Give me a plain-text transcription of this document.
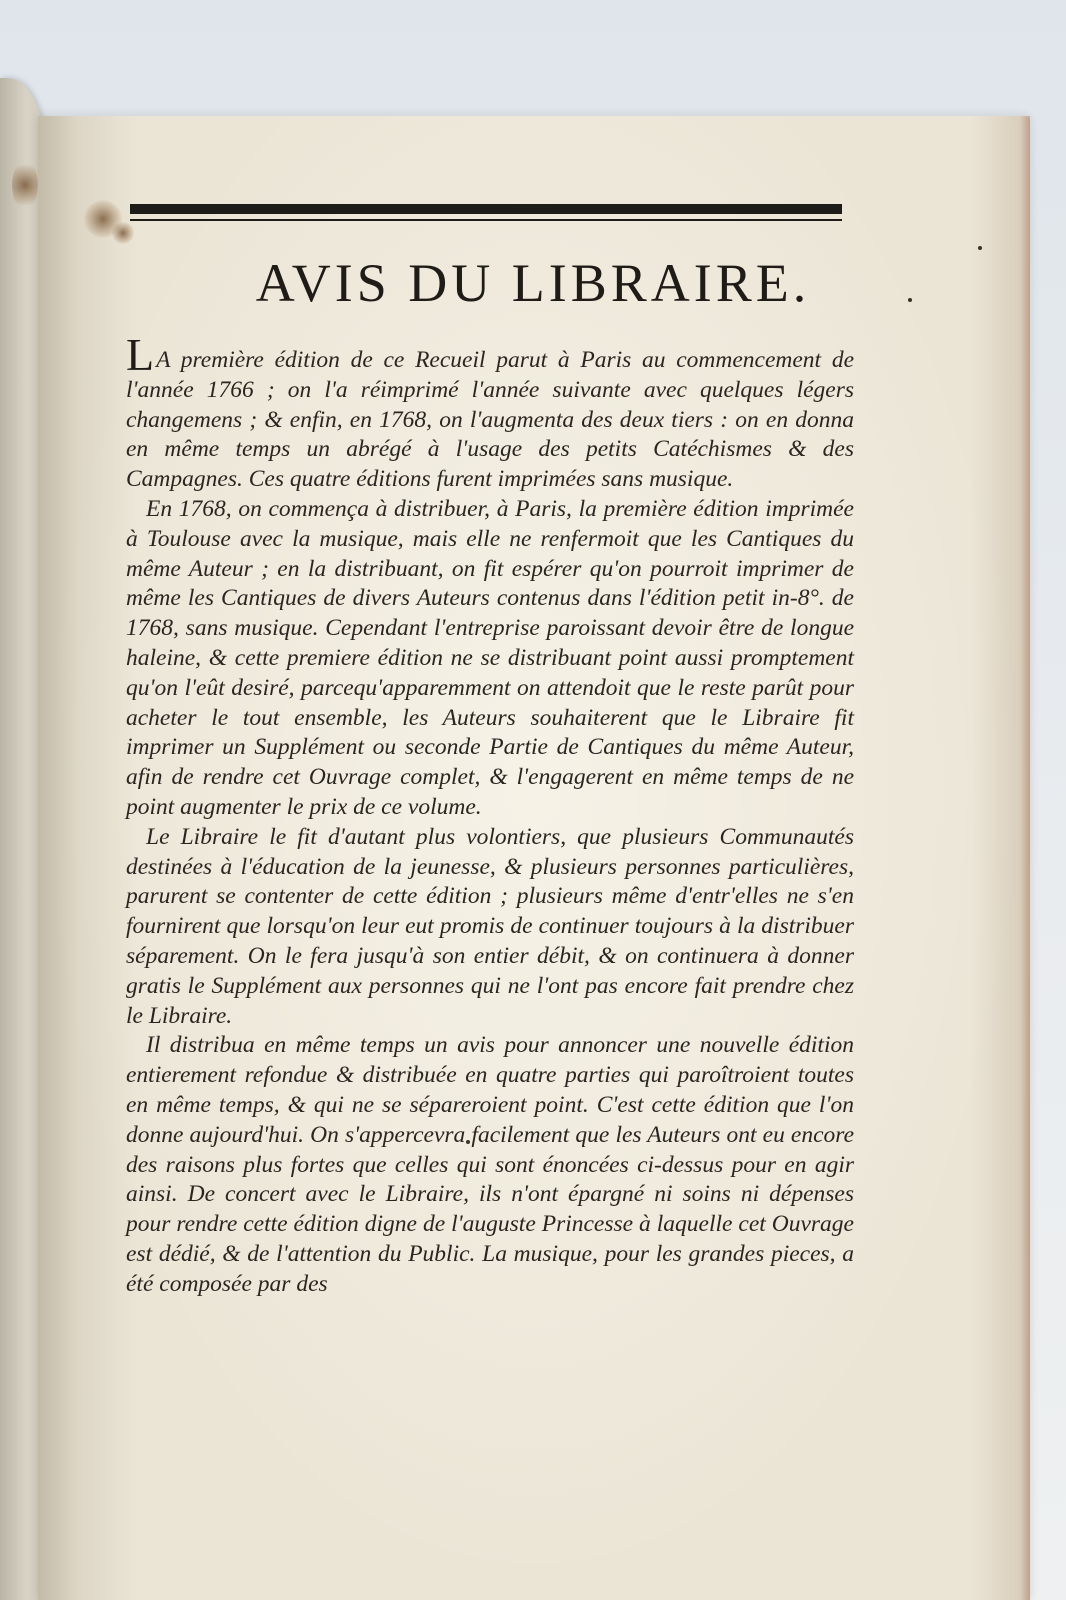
AVIS DU LIBRAIRE.

LA première édition de ce Recueil parut à Paris au commencement de l'année 1766 ; on l'a réimprimé l'année suivante avec quelques légers changemens ; & enfin, en 1768, on l'augmenta des deux tiers : on en donna en même temps un abrégé à l'usage des petits Catéchismes & des Campagnes. Ces quatre éditions furent imprimées sans musique.

En 1768, on commença à distribuer, à Paris, la première édition imprimée à Toulouse avec la musique, mais elle ne renfermoit que les Cantiques du même Auteur ; en la distribuant, on fit espérer qu'on pourroit imprimer de même les Cantiques de divers Auteurs contenus dans l'édition petit in-8°. de 1768, sans musique. Cependant l'entreprise paroissant devoir être de longue haleine, & cette premiere édition ne se distribuant point aussi promptement qu'on l'eût desiré, parcequ'apparemment on attendoit que le reste parût pour acheter le tout ensemble, les Auteurs souhaiterent que le Libraire fit imprimer un Supplément ou seconde Partie de Cantiques du même Auteur, afin de rendre cet Ouvrage complet, & l'engagerent en même temps de ne point augmenter le prix de ce volume.

Le Libraire le fit d'autant plus volontiers, que plusieurs Communautés destinées à l'éducation de la jeunesse, & plusieurs personnes particulières, parurent se contenter de cette édition ; plusieurs même d'entr'elles ne s'en fournirent que lorsqu'on leur eut promis de continuer toujours à la distribuer séparement. On le fera jusqu'à son entier débit, & on continuera à donner gratis le Supplément aux personnes qui ne l'ont pas encore fait prendre chez le Libraire.

Il distribua en même temps un avis pour annoncer une nouvelle édition entierement refondue & distribuée en quatre parties qui paroîtroient toutes en même temps, & qui ne se sépareroient point. C'est cette édition que l'on donne aujourd'hui. On s'appercevra facilement que les Auteurs ont eu encore des raisons plus fortes que celles qui sont énoncées ci-dessus pour en agir ainsi. De concert avec le Libraire, ils n'ont épargné ni soins ni dépenses pour rendre cette édition digne de l'auguste Princesse à laquelle cet Ouvrage est dédié, & de l'attention du Public. La musique, pour les grandes pieces, a été composée par des
